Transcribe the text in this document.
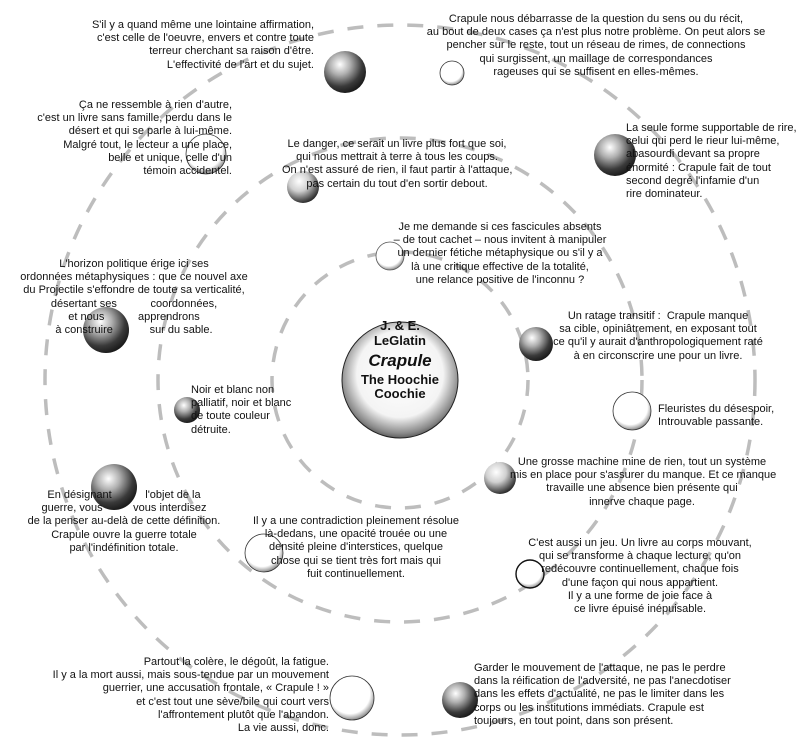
J. & E.
LeGlatin
Crapule
The Hoochie
Coochie
S'il y a quand même une lointaine affirmation,
c'est celle de l'oeuvre, envers et contre toute
terreur cherchant sa raison d'être.
L'effectivité de l'art et du sujet.
Crapule nous débarrasse de la question du sens ou du récit,
au bout de deux cases ça n'est plus notre problème. On peut alors se
pencher sur le reste, tout un réseau de rimes, de connections
qui surgissent, un maillage de correspondances
rageuses qui se suffisent en elles-mêmes.
La seule forme supportable de rire,
celui qui perd le rieur lui-même,
abasourdi devant sa propre
énormité : Crapule fait de tout
second degré l'infamie d'un
rire dominateur.
Ça ne ressemble à rien d'autre,
c'est un livre sans famille, perdu dans le
désert et qui se parle à lui-même.
Malgré tout, le lecteur a une place,
belle et unique, celle d'un
témoin accidentel.
Le danger, ce serait un livre plus fort que soi,
qui nous mettrait à terre à tous les coups.
On n'est assuré de rien, il faut partir à l'attaque,
pas certain du tout d'en sortir debout.
Je me demande si ces fascicules absents
– de tout cachet – nous invitent à manipuler
un dernier fétiche métaphysique ou s'il y a
là une critique effective de la totalité,
une relance positive de l'inconnu ?
L'horizon politique érige ici ses
ordonnées métaphysiques : que ce nouvel axe
du Projectile s'effondre de toute sa verticalité,
désertant ses           coordonnées,
et nous           apprendrons
à construire            sur du sable.
Un ratage transitif :  Crapule manque
sa cible, opiniâtrement, en exposant tout
ce qu'il y aurait d'anthropologiquement raté
à en circonscrire une pour un livre.
Noir et blanc non
palliatif, noir et blanc
de toute couleur
détruite.
Fleuristes du désespoir,
Introuvable passante.
En désignant           l'objet de la
guerre, vous          vous interdisez
de la penser au-delà de cette définition.
Crapule ouvre la guerre totale
par l'indéfinition totale.
Une grosse machine mine de rien, tout un système
mis en place pour s'assurer du manque. Et ce manque
travaille une absence bien présente qui
innerve chaque page.
Il y a une contradiction pleinement résolue
là-dedans, une opacité trouée ou une
densité pleine d'interstices, quelque
chose qui se tient très fort mais qui
fuit continuellement.
C'est aussi un jeu. Un livre au corps mouvant,
qui se transforme à chaque lecture, qu'on
redécouvre continuellement, chaque fois
d'une façon qui nous appartient.
Il y a une forme de joie face à
ce livre épuisé inépuisable.
Partout la colère, le dégoût, la fatigue.
Il y a la mort aussi, mais sous-tendue par un mouvement
guerrier, une accusation frontale, « Crapule ! »
et c'est tout une sève/bile qui court vers
l'affrontement plutôt que l'abandon.
La vie aussi, donc.
Garder le mouvement de l'attaque, ne pas le perdre
dans la réification de l'adversité, ne pas l'anecdotiser
dans les effets d'actualité, ne pas le limiter dans les
corps ou les institutions immédiats. Crapule est
toujours, en tout point, dans son présent.
